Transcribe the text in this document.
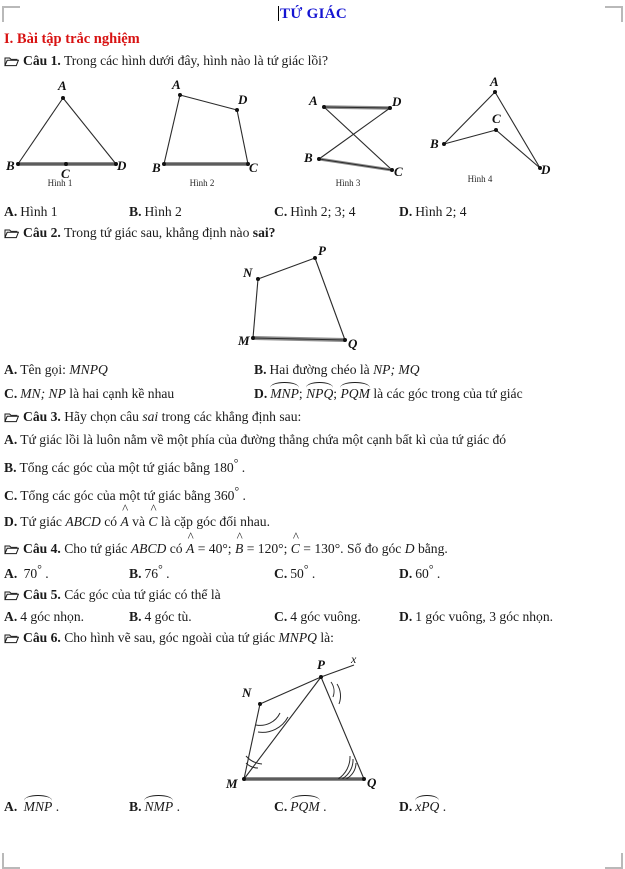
TỨ GIÁC
I. Bài tập trắc nghiệm
Câu 1. Trong các hình dưới đây, hình nào là tứ giác lồi?
A
B
C
D
Hình 1
A
D
C
B
Hình 2
A	D
B
C
Hình 3
A
B
C
D
Hình 4
A. Hình 1	B. Hình 2	C. Hình 2; 3; 4	D. Hình 2; 4
Câu 2. Trong tứ giác sau, khẳng định nào sai?
M
N
P
Q
A. Tên gọi: MNPQ	B. Hai đường chéo là NP; MQ
C. MN; NP là hai cạnh kề nhau	D. MNP;
NPQ;
PQM là các góc trong của tứ giác
Câu 3. Hãy chọn câu sai trong các khẳng định sau:
A. Tứ giác lồi là luôn nằm về một phía của đường thẳng chứa một cạnh bất kì của tứ giác đó
B. Tổng các góc của một tứ giác bằng 180° .
C. Tổng các góc của một tứ giác bằng 360° .
D. Tứ giác ABCD có
^
A và
^
C là cặp góc đối nhau.
Câu 4. Cho tứ giác ABCD có
^
A = 40°;
^
B = 120°;
^
C = 130°. Số đo góc D bằng.
A. 70° .	B. 76° .	C. 50° .	D. 60° .
Câu 5. Các góc của tứ giác có thể là
A. 4 góc nhọn.	B. 4 góc tù.	C. 4 góc vuông.	D. 1 góc vuông, 3 góc nhọn.
Câu 6. Cho hình vẽ sau, góc ngoài của tứ giác MNPQ là:
M
N
P
Q
x
A. MNP .	B. NMP .	C. PQM .	D. xPQ .
